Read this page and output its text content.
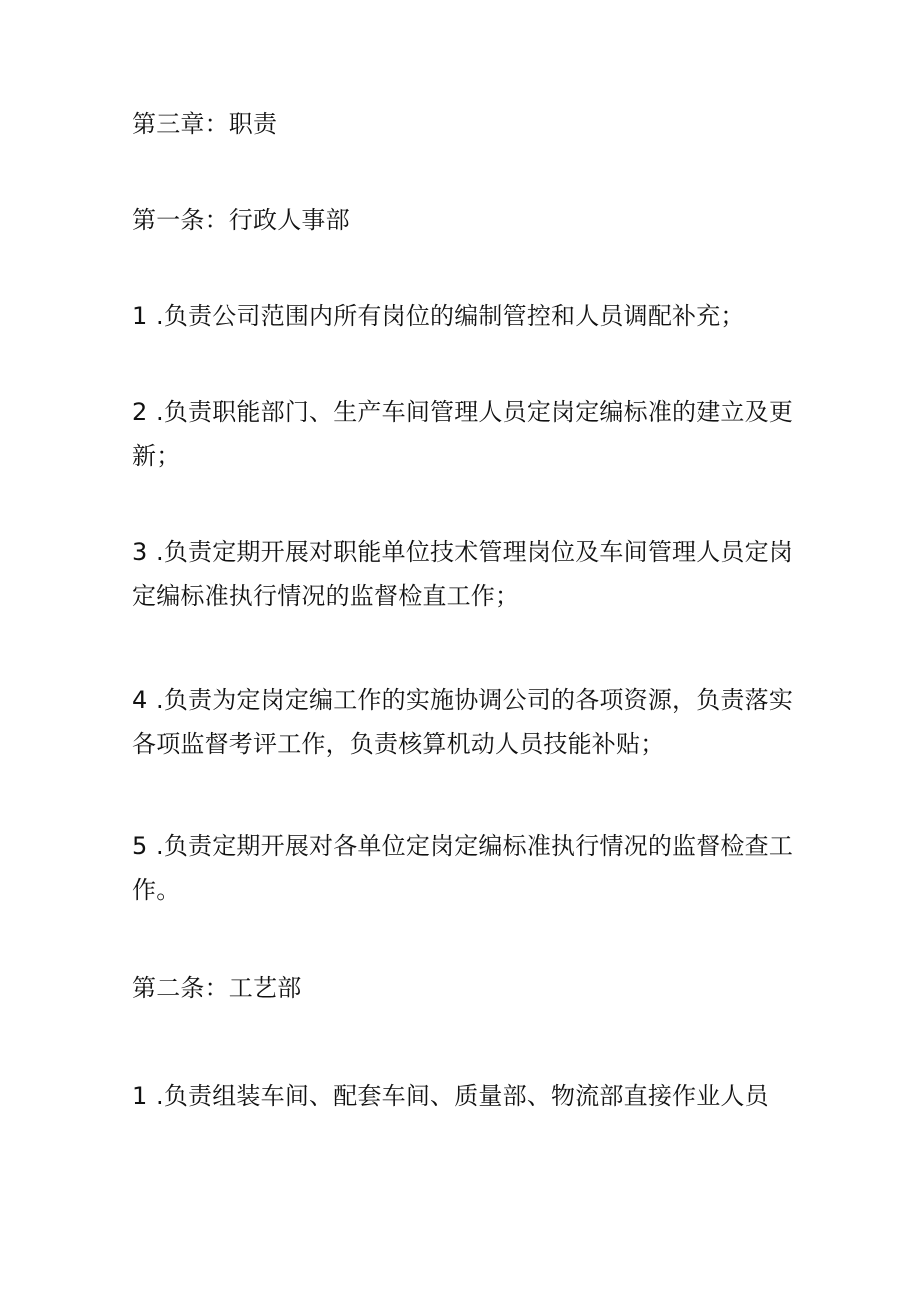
第三章：职责
第一条：行政人事部
1 .负责公司范围内所有岗位的编制管控和人员调配补充；
2 .负责职能部门、生产车间管理人员定岗定编标准的建立及更新；
3 .负责定期开展对职能单位技术管理岗位及车间管理人员定岗定编标准执行情况的监督检直工作；
4 .负责为定岗定编工作的实施协调公司的各项资源，负责落实各项监督考评工作，负责核算机动人员技能补贴；
5 .负责定期开展对各单位定岗定编标准执行情况的监督检查工作。
第二条：工艺部
1 .负责组装车间、配套车间、质量部、物流部直接作业人员
